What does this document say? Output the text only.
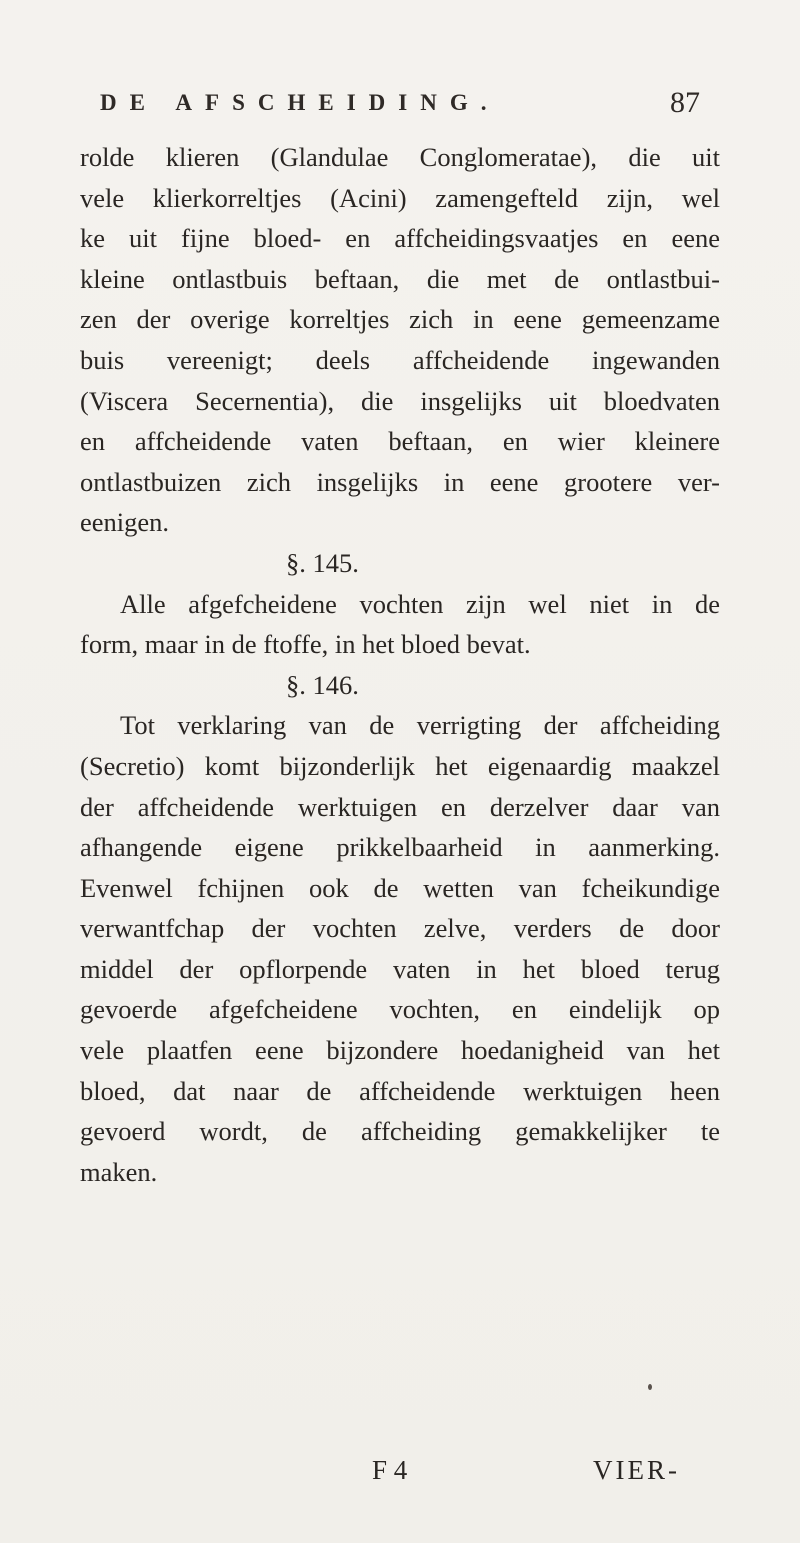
DE AFSCHEIDING.	87
rolde klieren (Glandulae Conglomeratae), die uit
vele klierkorreltjes (Acini) zamengefteld zijn, wel
ke uit fijne bloed- en affcheidingsvaatjes en eene
kleine ontlastbuis beftaan, die met de ontlastbui-
zen der overige korreltjes zich in eene gemeenzame
buis vereenigt; deels affcheidende ingewanden
(Viscera Secernentia), die insgelijks uit bloedvaten
en affcheidende vaten beftaan, en wier kleinere
ontlastbuizen zich insgelijks in eene grootere ver-
eenigen.
§. 145.
Alle afgefcheidene vochten zijn wel niet in de
form, maar in de ftoffe, in het bloed bevat.
§. 146.
Tot verklaring van de verrigting der affcheiding
(Secretio) komt bijzonderlijk het eigenaardig maakzel
der affcheidende werktuigen en derzelver daar van
afhangende eigene prikkelbaarheid in aanmerking.
Evenwel fchijnen ook de wetten van fcheikundige
verwantfchap der vochten zelve, verders de door
middel der opflorpende vaten in het bloed terug
gevoerde afgefcheidene vochten, en eindelijk op
vele plaatfen eene bijzondere hoedanigheid van het
bloed, dat naar de affcheidende werktuigen heen
gevoerd wordt, de affcheiding gemakkelijker te
maken.
F 4	VIER-
